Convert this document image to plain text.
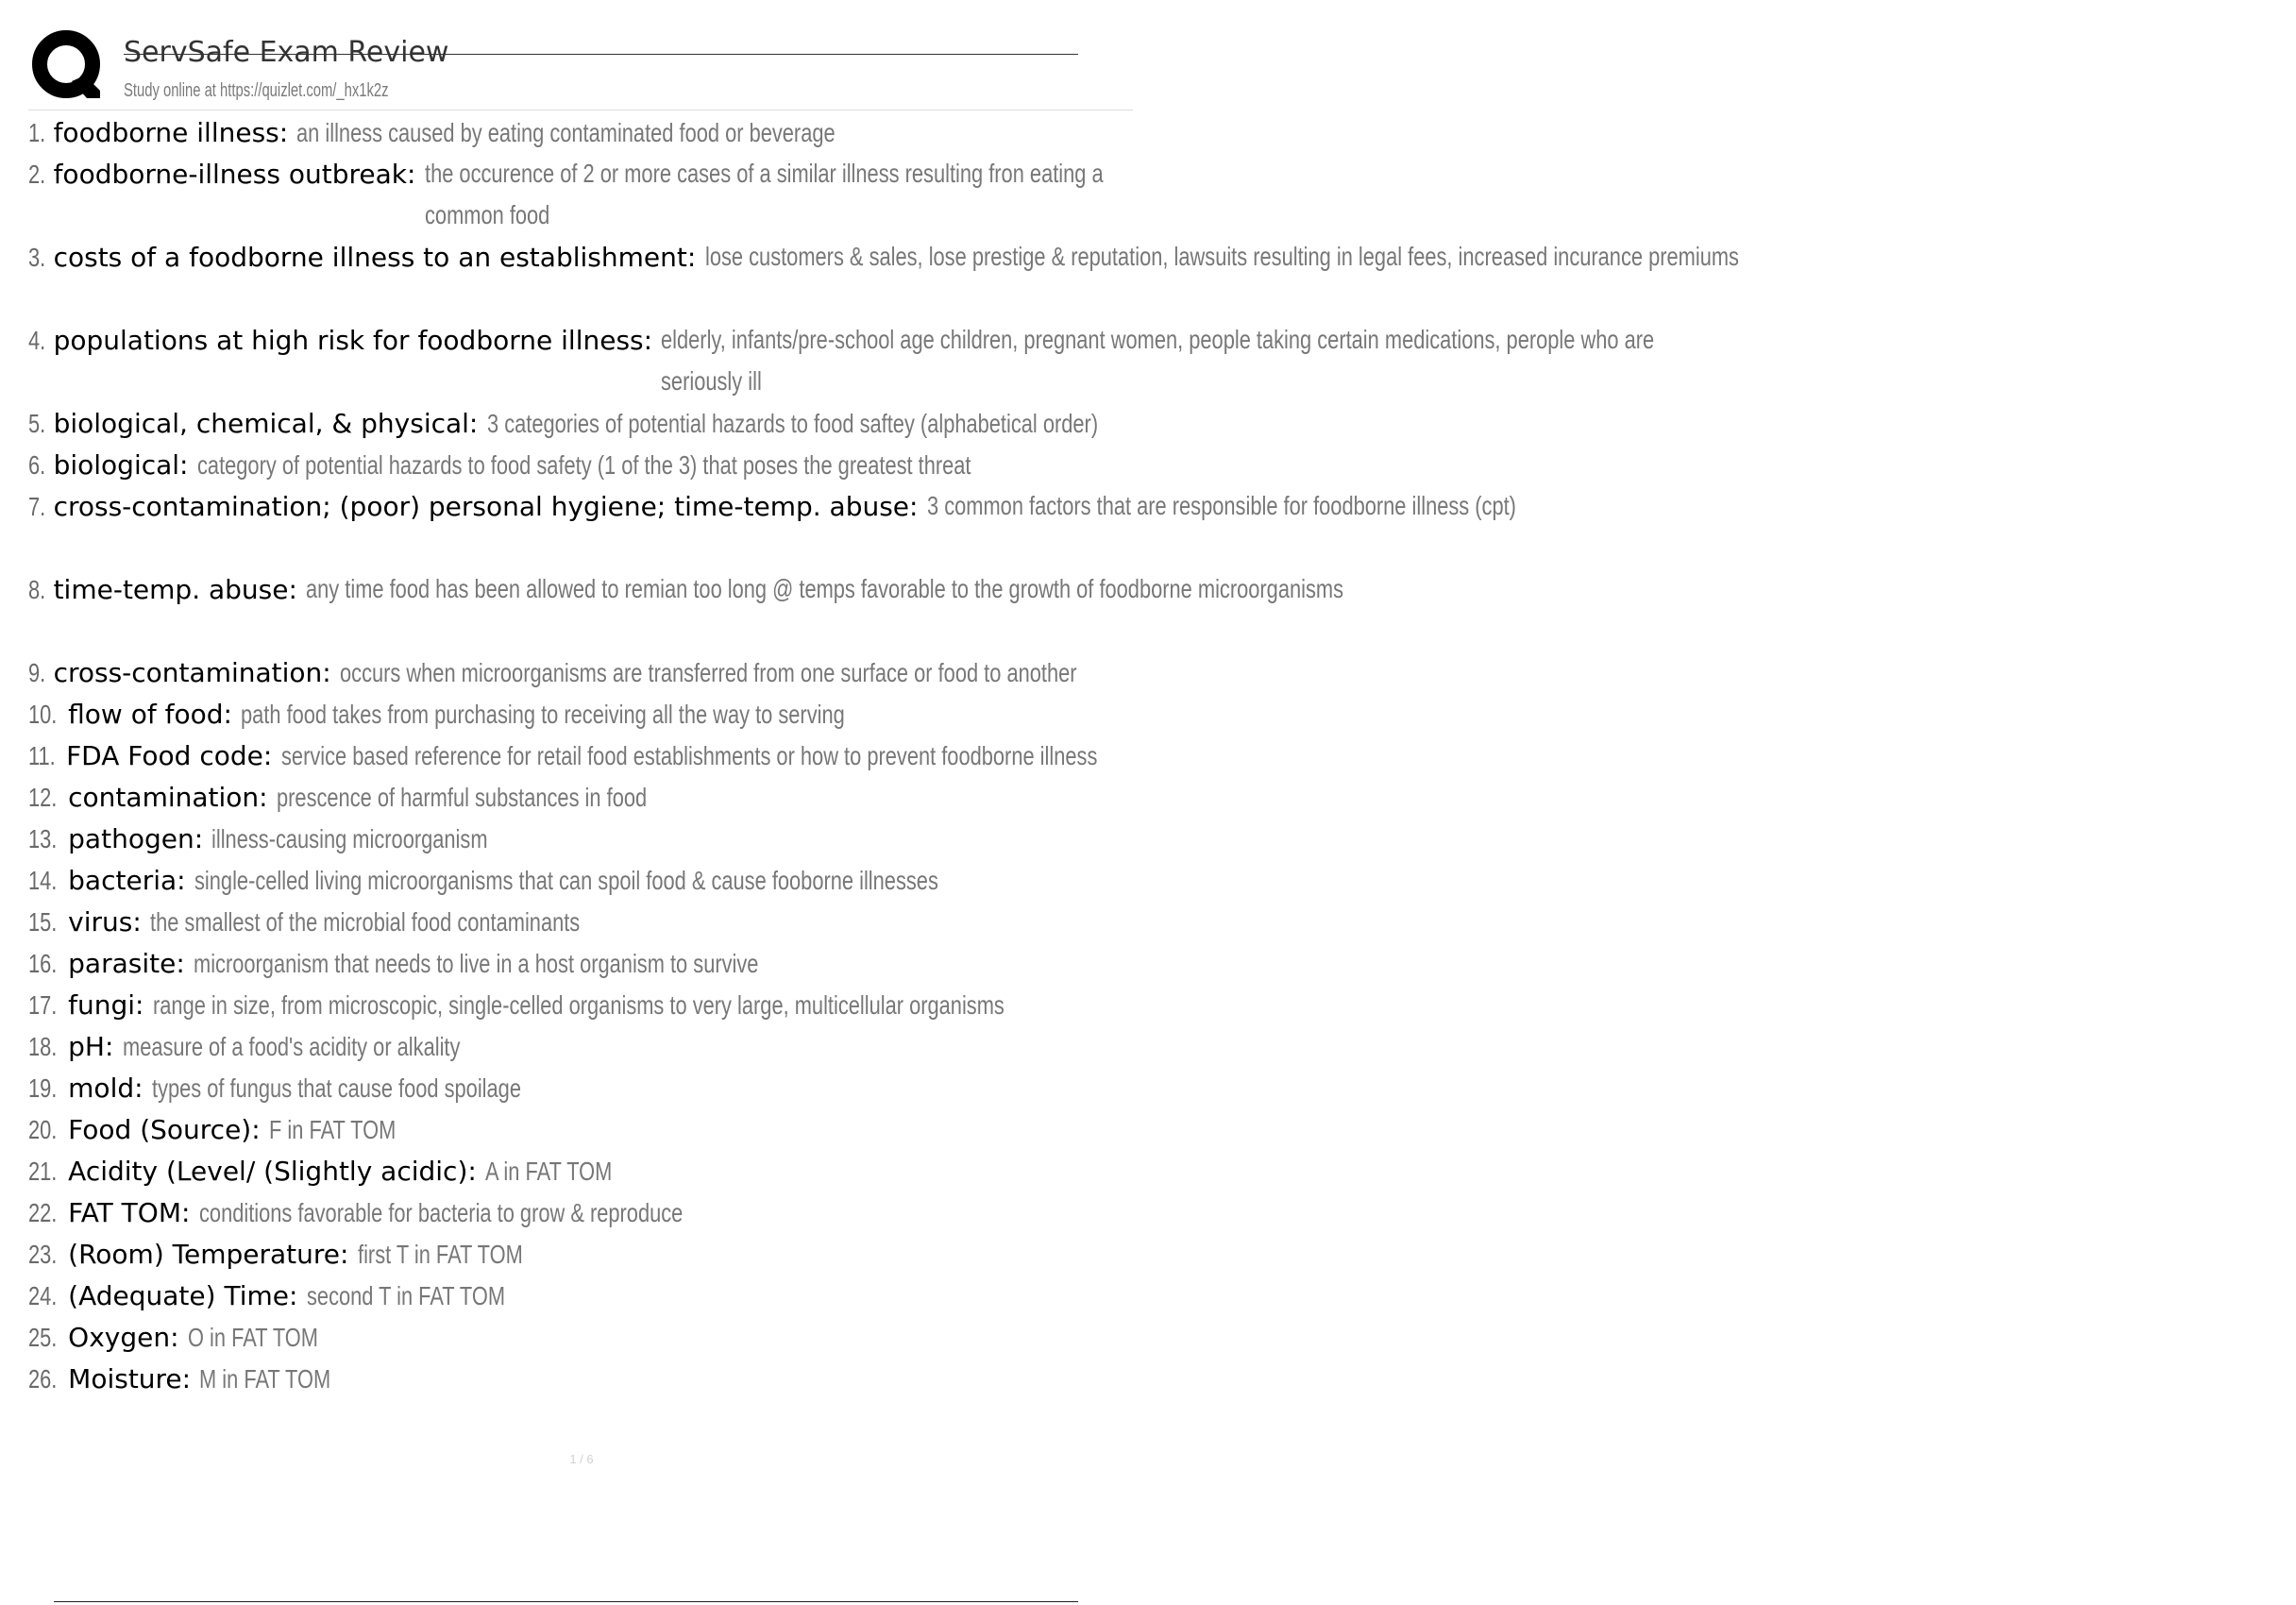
ServSafe Exam Review
Study online at https://quizlet.com/_hx1k2z
1. foodborne illness: an illness caused by eating contaminated food or beverage
2. foodborne-illness outbreak: the occurence of 2 or more cases of a similar illness resulting fron eating a common food
3. costs of a foodborne illness to an establishment: lose customers & sales, lose prestige & reputation, lawsuits resulting in legal fees, increased incurance premiums
4. populations at high risk for foodborne illness: elderly, infants/pre-school age children, pregnant women, people taking certain medications, perople who are seriously ill
5. biological, chemical, & physical: 3 categories of potential hazards to food saftey (alphabetical order)
6. biological: category of potential hazards to food safety (1 of the 3) that poses the greatest threat
7. cross-contamination; (poor) personal hygiene; time-temp. abuse: 3 common factors that are responsible for foodborne illness (cpt)
8. time-temp. abuse: any time food has been allowed to remian too long @ temps favorable to the growth of foodborne microorganisms
9. cross-contamination: occurs when microorganisms are transferred from one surface or food to another
10. flow of food: path food takes from purchasing to receiving all the way to serving
11. FDA Food code: service based reference for retail food establishments or how to prevent foodborne illness
12. contamination: prescence of harmful substances in food
13. pathogen: illness-causing microorganism
14. bacteria: single-celled living microorganisms that can spoil food & cause fooborne illnesses
15. virus: the smallest of the microbial food contaminants
16. parasite: microorganism that needs to live in a host organism to survive
17. fungi: range in size, from microscopic, single-celled organisms to very large, multicellular organisms
18. pH: measure of a food's acidity or alkality
19. mold: types of fungus that cause food spoilage
20. Food (Source): F in FAT TOM
21. Acidity (Level/ (Slightly acidic): A in FAT TOM
22. FAT TOM: conditions favorable for bacteria to grow & reproduce
23. (Room) Temperature: first T in FAT TOM
24. (Adequate) Time: second T in FAT TOM
25. Oxygen: O in FAT TOM
26. Moisture: M in FAT TOM
1 / 6
